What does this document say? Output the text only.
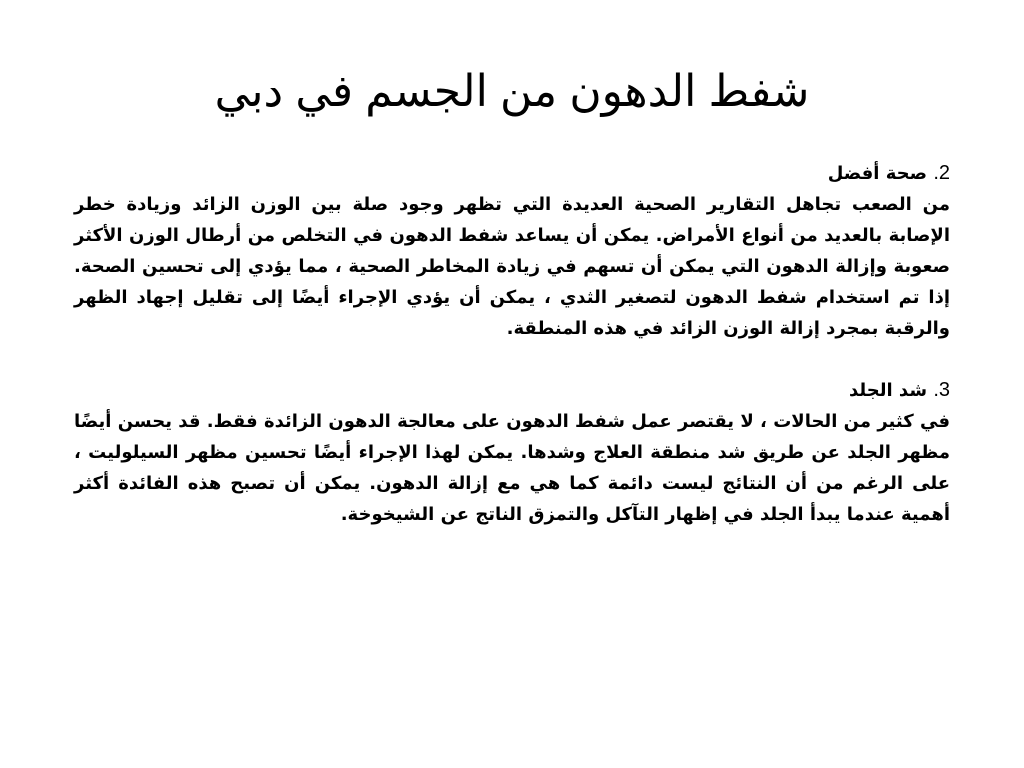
شفط الدهون من الجسم في دبي
2. صحة أفضل
من الصعب تجاهل التقارير الصحية العديدة التي تظهر وجود صلة بين الوزن الزائد وزيادة خطر الإصابة بالعديد من أنواع الأمراض. يمكن أن يساعد شفط الدهون في التخلص من أرطال الوزن الأكثر صعوبة وإزالة الدهون التي يمكن أن تسهم في زيادة المخاطر الصحية ، مما يؤدي إلى تحسين الصحة. إذا تم استخدام شفط الدهون لتصغير الثدي ، يمكن أن يؤدي الإجراء أيضًا إلى تقليل إجهاد الظهر والرقبة بمجرد إزالة الوزن الزائد في هذه المنطقة.
3. شد الجلد
في كثير من الحالات ، لا يقتصر عمل شفط الدهون على معالجة الدهون الزائدة فقط. قد يحسن أيضًا مظهر الجلد عن طريق شد منطقة العلاج وشدها. يمكن لهذا الإجراء أيضًا تحسين مظهر السيلوليت ، على الرغم من أن النتائج ليست دائمة كما هي مع إزالة الدهون. يمكن أن تصبح هذه الفائدة أكثر أهمية عندما يبدأ الجلد في إظهار التآكل والتمزق الناتج عن الشيخوخة.
